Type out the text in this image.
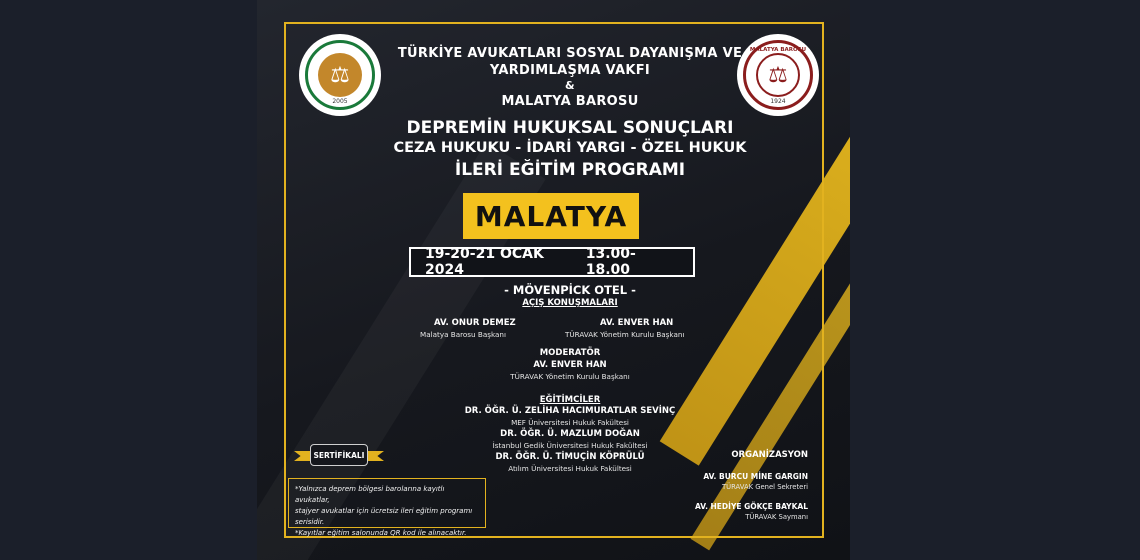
⚖
2005
MALATYA BAROSU
⚖
1924
TÜRKİYE AVUKATLARI SOSYAL DAYANIŞMA VE
YARDIMLAŞMA VAKFI
&
MALATYA BAROSU
DEPREMİN HUKUKSAL SONUÇLARI
CEZA HUKUKU - İDARİ YARGI - ÖZEL HUKUK
İLERİ EĞİTİM PROGRAMI
MALATYA
19-20-21 OCAK 2024
13.00-18.00
- MÖVENPİCK OTEL -
AÇIŞ KONUŞMALARI
AV. ONUR DEMEZ
Malatya Barosu Başkanı
AV. ENVER HAN
TÜRAVAK Yönetim Kurulu Başkanı
MODERATÖR
AV. ENVER HAN
TÜRAVAK Yönetim Kurulu Başkanı
EĞİTİMCİLER
DR. ÖĞR. Ü. ZELİHA HACIMURATLAR SEVİNÇ
MEF Üniversitesi Hukuk Fakültesi
DR. ÖĞR. Ü. MAZLUM DOĞAN
İstanbul Gedik Üniversitesi Hukuk Fakültesi
DR. ÖĞR. Ü. TİMUÇİN KÖPRÜLÜ
Atılım Üniversitesi Hukuk Fakültesi
SERTİFİKALI
*Yalnızca deprem bölgesi barolarına kayıtlı avukatlar,
stajyer avukatlar için ücretsiz ileri eğitim programı serisidir.
*Kayıtlar eğitim salonunda QR kod ile alınacaktır.
ORGANİZASYON
AV. BURCU MİNE GARGIN
TÜRAVAK Genel Sekreteri
AV. HEDİYE GÖKÇE BAYKAL
TÜRAVAK Saymanı
